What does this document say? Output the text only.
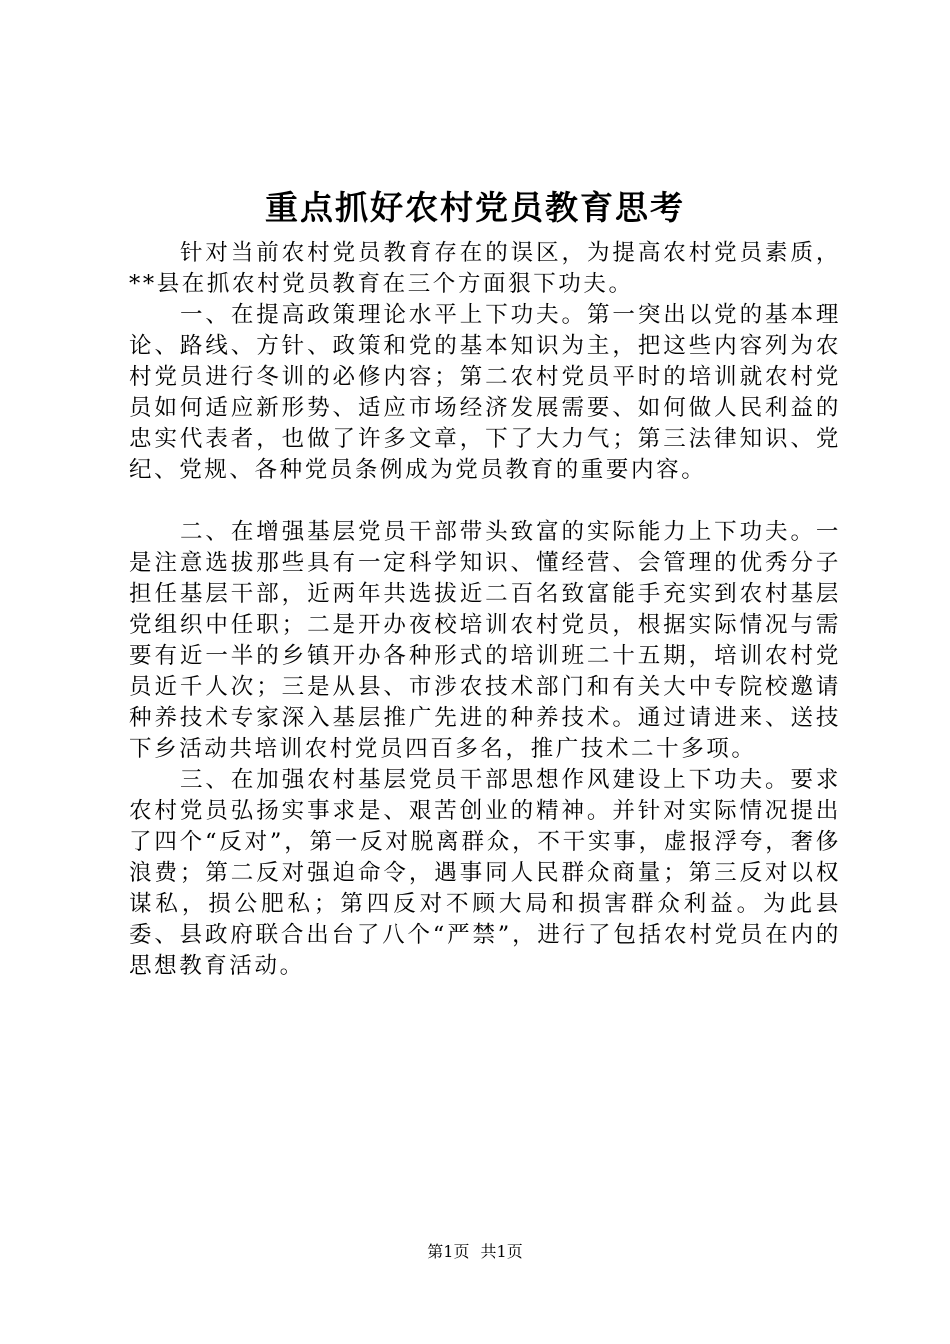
重点抓好农村党员教育思考

针对当前农村党员教育存在的误区，为提高农村党员素质，**县在抓农村党员教育在三个方面狠下功夫。

一、在提高政策理论水平上下功夫。第一突出以党的基本理论、路线、方针、政策和党的基本知识为主，把这些内容列为农村党员进行冬训的必修内容；第二农村党员平时的培训就农村党员如何适应新形势、适应市场经济发展需要、如何做人民利益的忠实代表者，也做了许多文章，下了大力气；第三法律知识、党纪、党规、各种党员条例成为党员教育的重要内容。

二、在增强基层党员干部带头致富的实际能力上下功夫。一是注意选拔那些具有一定科学知识、懂经营、会管理的优秀分子担任基层干部，近两年共选拔近二百名致富能手充实到农村基层党组织中任职；二是开办夜校培训农村党员，根据实际情况与需要有近一半的乡镇开办各种形式的培训班二十五期，培训农村党员近千人次；三是从县、市涉农技术部门和有关大中专院校邀请种养技术专家深入基层推广先进的种养技术。通过请进来、送技下乡活动共培训农村党员四百多名，推广技术二十多项。

三、在加强农村基层党员干部思想作风建设上下功夫。要求农村党员弘扬实事求是、艰苦创业的精神。并针对实际情况提出了四个“反对”，第一反对脱离群众，不干实事，虚报浮夸，奢侈浪费；第二反对强迫命令，遇事同人民群众商量；第三反对以权谋私，损公肥私；第四反对不顾大局和损害群众利益。为此县委、县政府联合出台了八个“严禁”，进行了包括农村党员在内的思想教育活动。

第1页 共1页
